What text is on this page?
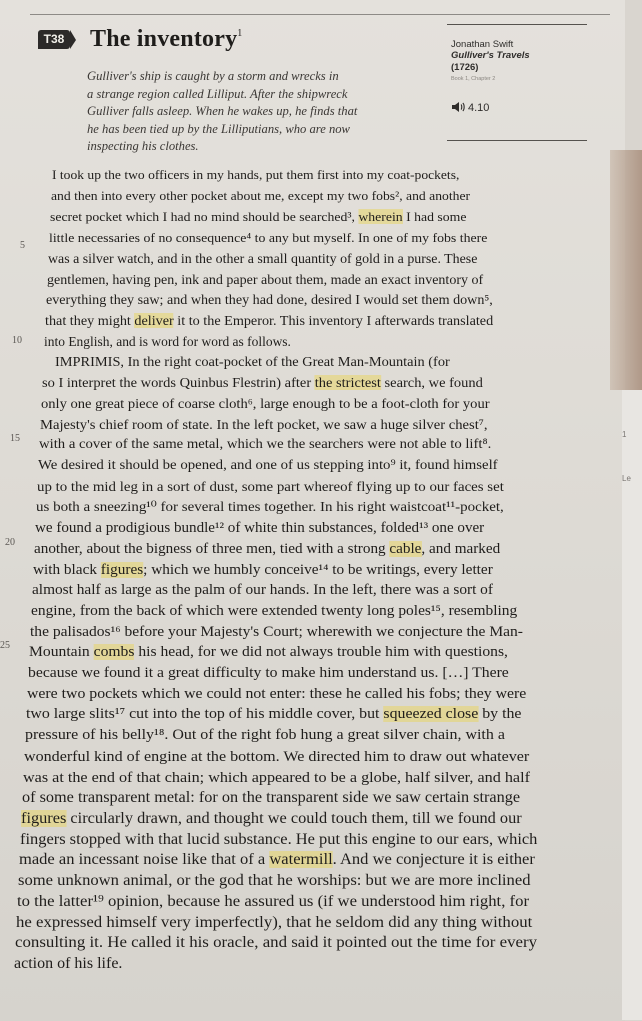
T38 The inventory$^1$
Gulliver's ship is caught by a storm and wrecks in
a strange region called Lilliput. After the shipwreck
Gulliver falls asleep. When he wakes up, he finds that
he has been tied up by the Lilliputians, who are now
inspecting his clothes.
Jonathan Swift
Gulliver's Travels
(1726)
Book 1, Chapter 2
4.10
5
10
15
20
25
I took up the two officers in my hands, put them first into my coat-pockets,
and then into every other pocket about me, except my two fobs², and another
secret pocket which I had no mind should be searched³, wherein I had some
little necessaries of no consequence⁴ to any but myself. In one of my fobs there
was a silver watch, and in the other a small quantity of gold in a purse. These
gentlemen, having pen, ink and paper about them, made an exact inventory of
everything they saw; and when they had done, desired I would set them down⁵,
that they might deliver it to the Emperor. This inventory I afterwards translated
into English, and is word for word as follows.
IMPRIMIS, In the right coat-pocket of the Great Man-Mountain (for
so I interpret the words Quinbus Flestrin) after the strictest search, we found
only one great piece of coarse cloth⁶, large enough to be a foot-cloth for your
Majesty's chief room of state. In the left pocket, we saw a huge silver chest⁷,
with a cover of the same metal, which we the searchers were not able to lift⁸.
We desired it should be opened, and one of us stepping into⁹ it, found himself
up to the mid leg in a sort of dust, some part whereof flying up to our faces set
us both a sneezing¹⁰ for several times together. In his right waistcoat¹¹-pocket,
we found a prodigious bundle¹² of white thin substances, folded¹³ one over
another, about the bigness of three men, tied with a strong cable, and marked
with black figures; which we humbly conceive¹⁴ to be writings, every letter
almost half as large as the palm of our hands. In the left, there was a sort of
engine, from the back of which were extended twenty long poles¹⁵, resembling
the palisados¹⁶ before your Majesty's Court; wherewith we conjecture the Man-
Mountain combs his head, for we did not always trouble him with questions,
because we found it a great difficulty to make him understand us. […] There
were two pockets which we could not enter: these he called his fobs; they were
two large slits¹⁷ cut into the top of his middle cover, but squeezed close by the
pressure of his belly¹⁸. Out of the right fob hung a great silver chain, with a
wonderful kind of engine at the bottom. We directed him to draw out whatever
was at the end of that chain; which appeared to be a globe, half silver, and half
of some transparent metal: for on the transparent side we saw certain strange
figures circularly drawn, and thought we could touch them, till we found our
fingers stopped with that lucid substance. He put this engine to our ears, which
made an incessant noise like that of a watermill. And we conjecture it is either
some unknown animal, or the god that he worships: but we are more inclined
to the latter¹⁹ opinion, because he assured us (if we understood him right, for
he expressed himself very imperfectly), that he seldom did any thing without
consulting it. He called it his oracle, and said it pointed out the time for every
action of his life.
1
Le
